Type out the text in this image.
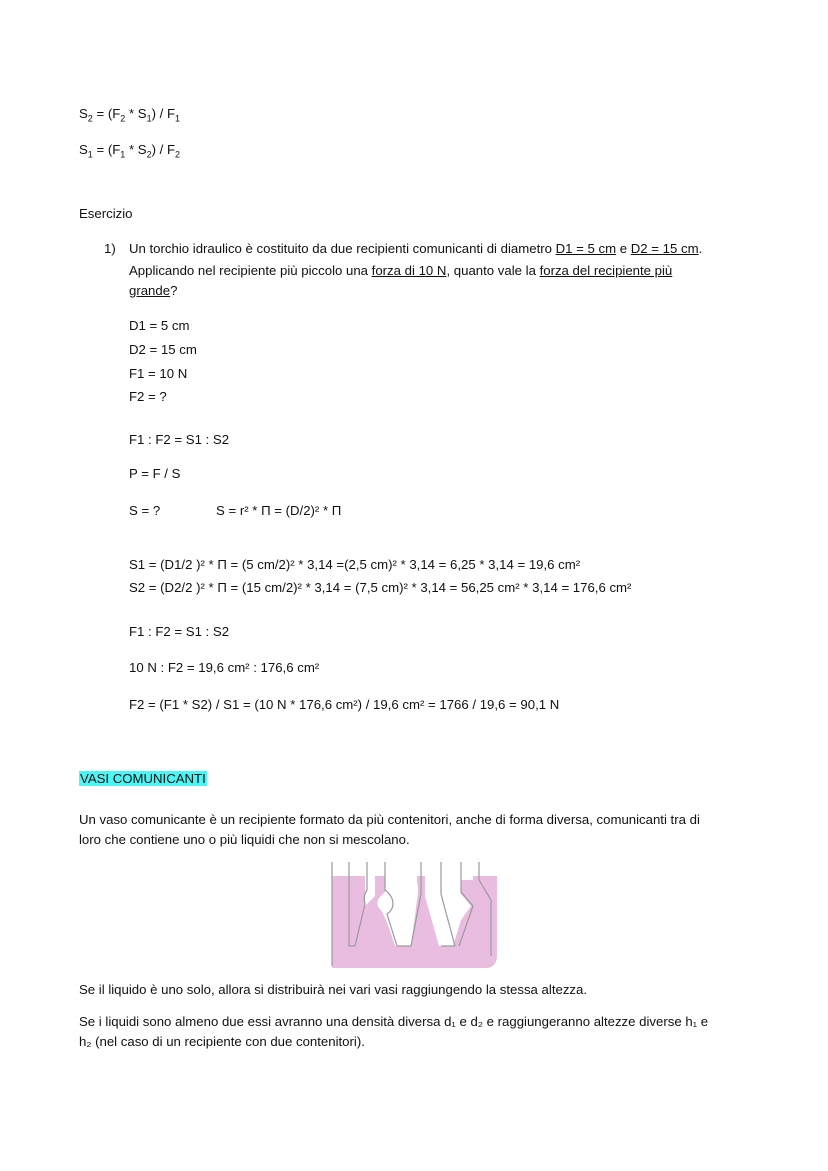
$S_2 = (F_2 * S_1) / F_1$
$S_1 = (F_1 * S_2) / F_2$
Esercizio
1) Un torchio idraulico è costituito da due recipienti comunicanti di diametro D1 = 5 cm e D2 = 15 cm.
Applicando nel recipiente più piccolo una forza di 10 N, quanto vale la forza del recipiente più
grande?
D1 = 5 cm
D2 = 15 cm
F1 = 10 N
F2 = ?
F1 : F2 = S1 : S2
P = F / S
S = ?	S = r² * Π = (D/2)² * Π
S1 = (D1/2 )² * Π = (5 cm/2)² * 3,14 =(2,5 cm)² * 3,14 = 6,25 * 3,14 = 19,6 cm²
S2 = (D2/2 )² * Π = (15 cm/2)² * 3,14 = (7,5 cm)² * 3,14 = 56,25 cm² * 3,14 = 176,6 cm²
F1 : F2 = S1 : S2
10 N : F2 = 19,6 cm² : 176,6 cm²
F2 = (F1 * S2) / S1 = (10 N * 176,6 cm²) / 19,6 cm² = 1766 / 19,6 = 90,1 N
VASI COMUNICANTI
Un vaso comunicante è un recipiente formato da più contenitori, anche di forma diversa, comunicanti tra di
loro che contiene uno o più liquidi che non si mescolano.
Se il liquido è uno solo, allora si distribuirà nei vari vasi raggiungendo la stessa altezza.
Se i liquidi sono almeno due essi avranno una densità diversa d₁ e d₂ e raggiungeranno altezze diverse h₁ e
h₂ (nel caso di un recipiente con due contenitori).
